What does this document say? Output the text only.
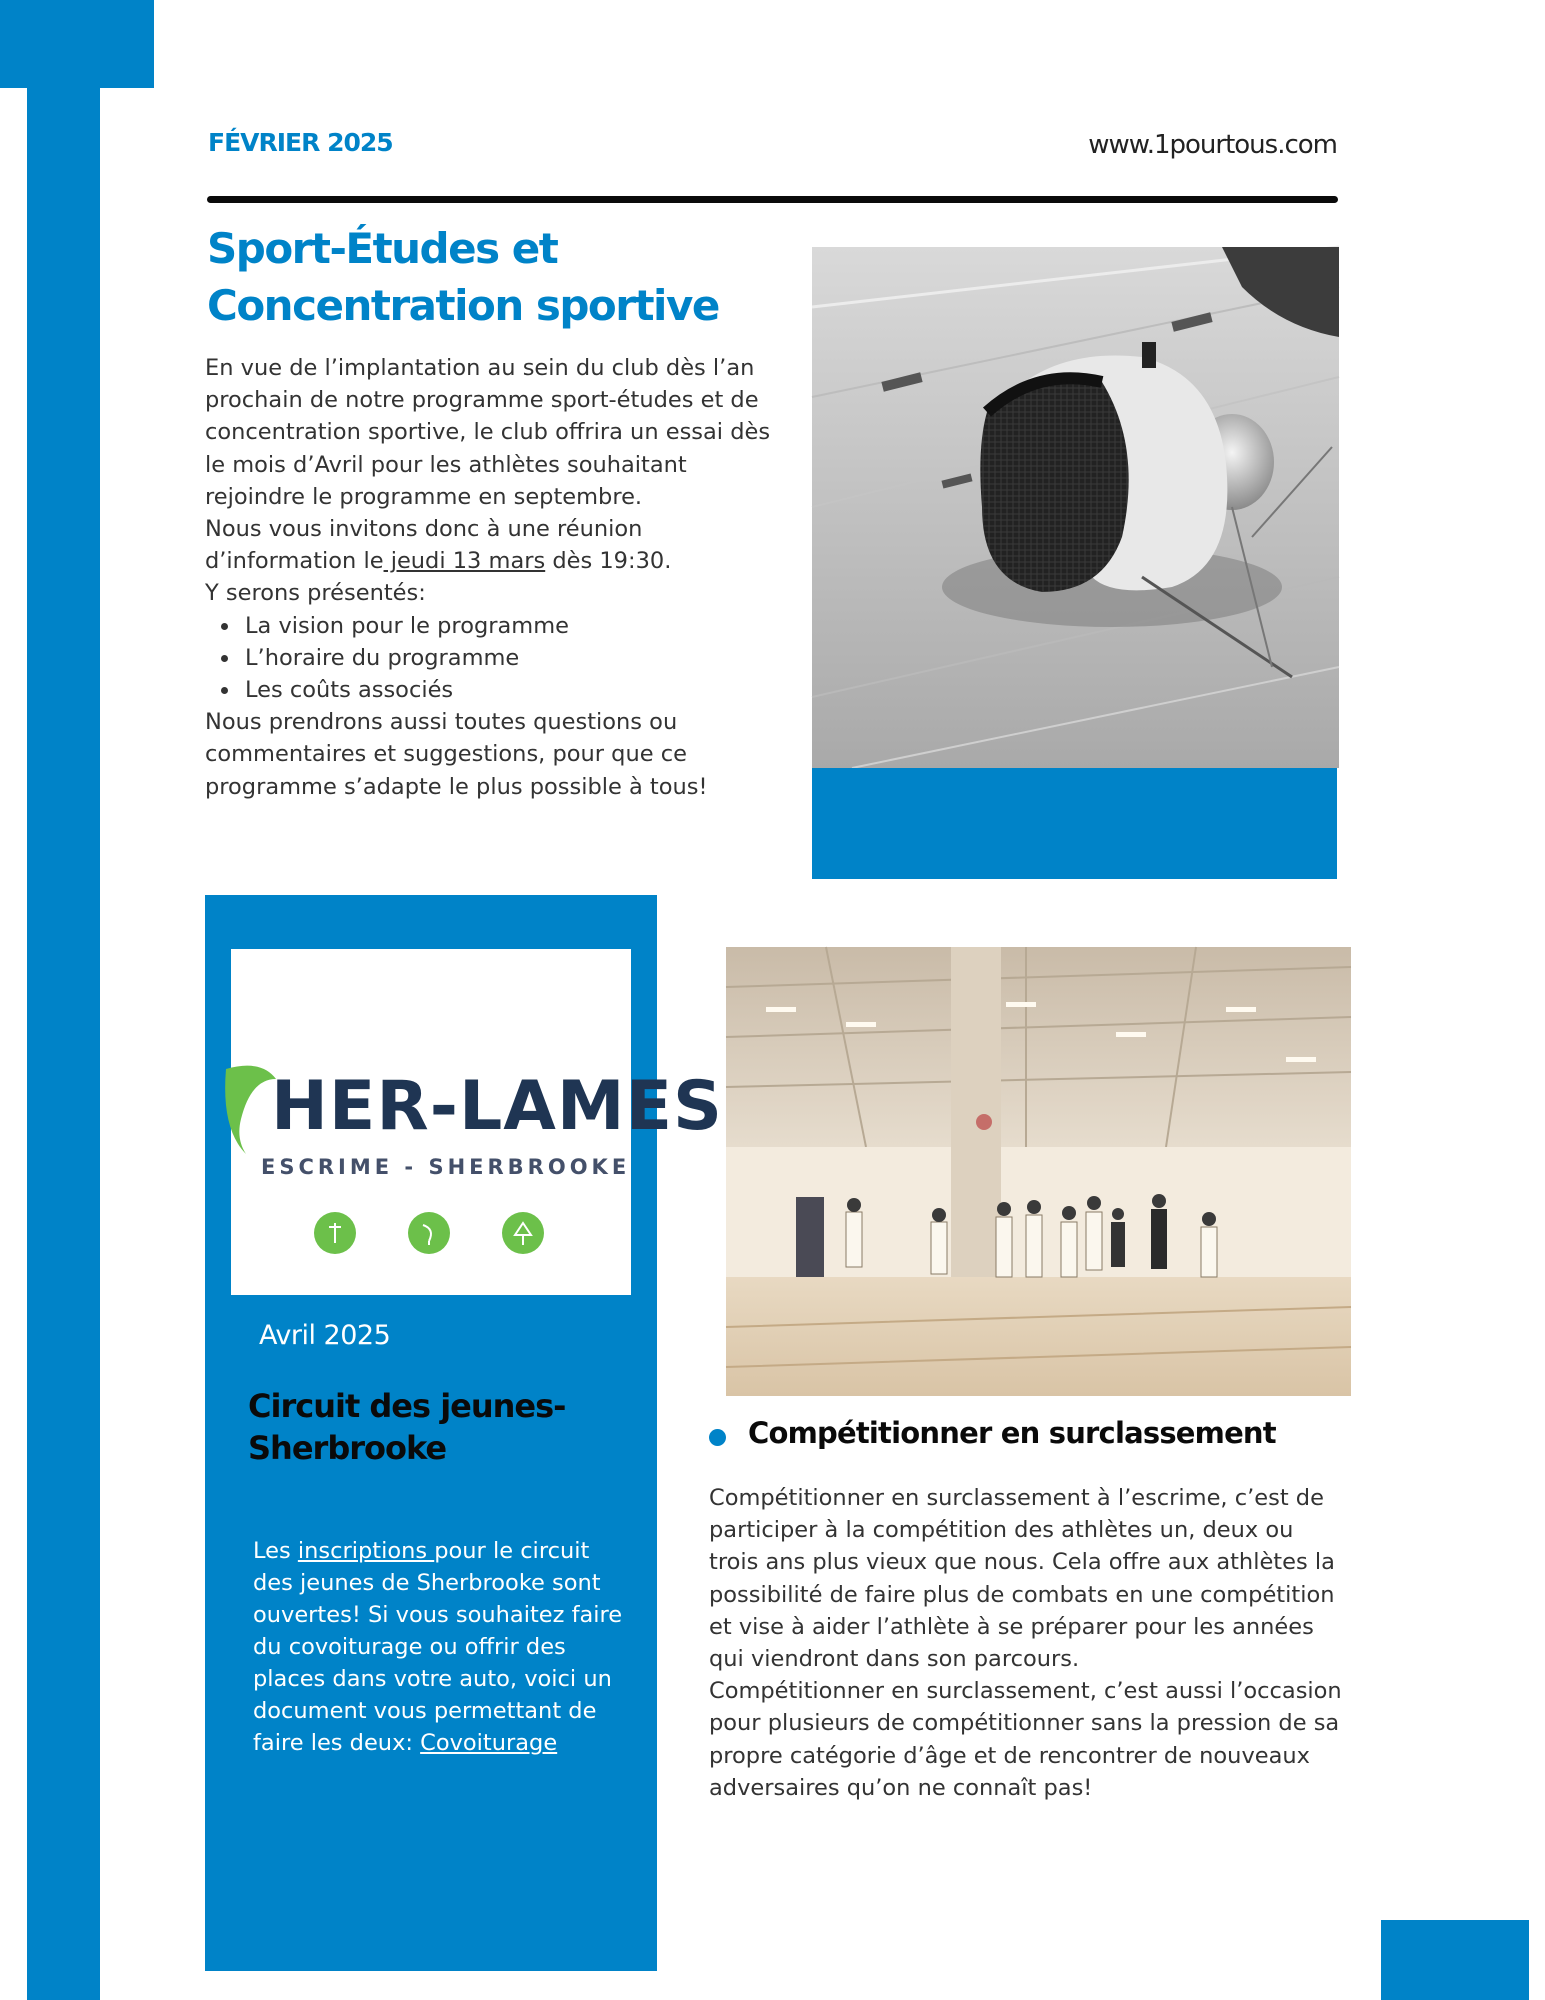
FÉVRIER 2025	www.1pourtous.com
Sport-Études et
Concentration sportive

En vue de l’implantation au sein du club dès l’an prochain de notre programme sport-études et de concentration sportive, le club offrira un essai dès le mois d’Avril pour les athlètes souhaitant rejoindre le programme en septembre.

Nous vous invitons donc à une réunion d’information le jeudi 13 mars dès 19:30.

Y serons présentés:

• La vision pour le programme
• L’horaire du programme
• Les coûts associés

Nous prendrons aussi toutes questions ou commentaires et suggestions, pour que ce programme s’adapte le plus possible à tous!

HER-LAMES
ESCRIME - SHERBROOKE
Avril 2025
Circuit des jeunes-Sherbrooke
Les inscriptions pour le circuit des jeunes de Sherbrooke sont ouvertes! Si vous souhaitez faire du covoiturage ou offrir des places dans votre auto, voici un document vous permettant de faire les deux: Covoiturage
Compétitionner en surclassement

Compétitionner en surclassement à l’escrime, c’est de participer à la compétition des athlètes un, deux ou trois ans plus vieux que nous. Cela offre aux athlètes la possibilité de faire plus de combats en une compétition et vise à aider l’athlète à se préparer pour les années qui viendront dans son parcours.

Compétitionner en surclassement, c’est aussi l’occasion pour plusieurs de compétitionner sans la pression de sa propre catégorie d’âge et de rencontrer de nouveaux adversaires qu’on ne connaît pas!
